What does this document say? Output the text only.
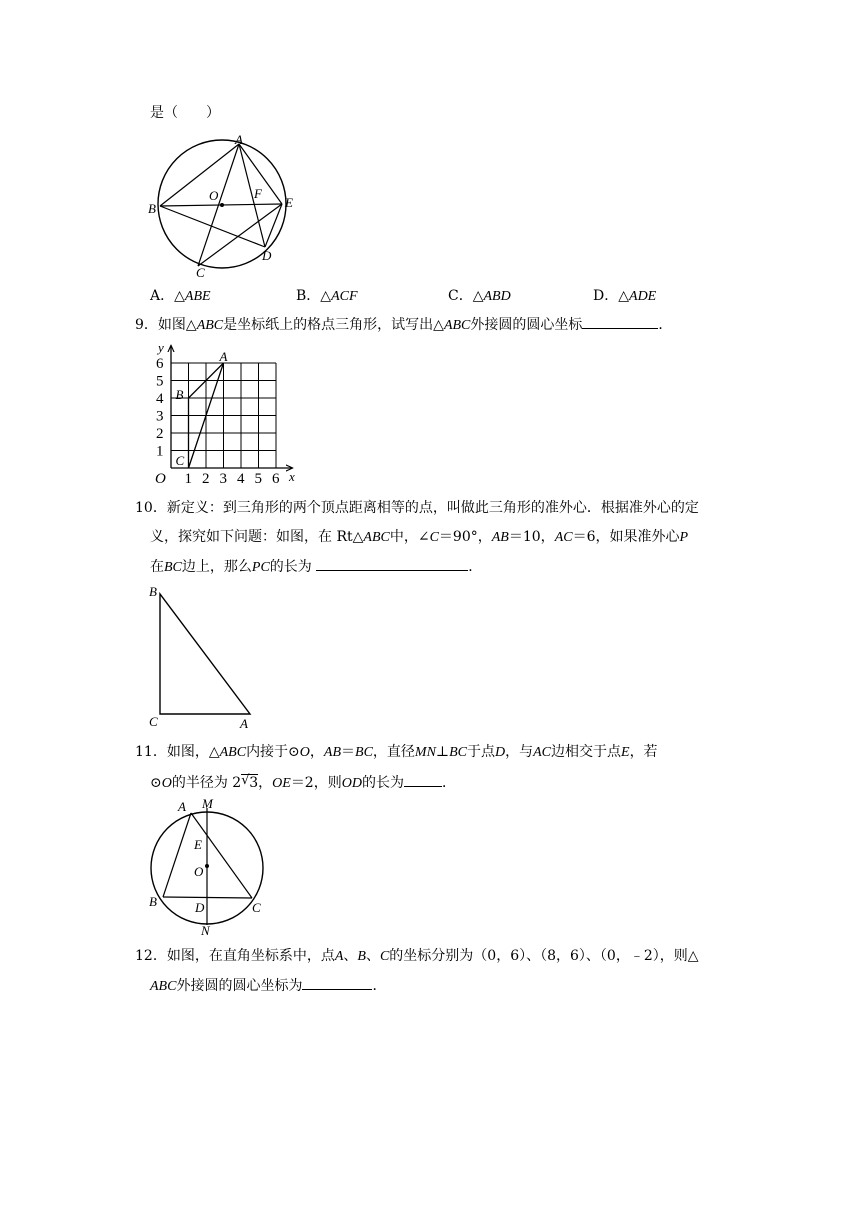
是（　　）
A
B
C
D
E
F
O
A．△ABE	B．△ACF	C．△ABD	D．△ADE
9．如图△ABC是坐标纸上的格点三角形，试写出△ABC外接圆的圆心坐标	．
1 2 3 4 5 6
1
2
3
4
5
6
x
y
O
A
B
C
10．新定义：到三角形的两个顶点距离相等的点，叫做此三角形的准外心．根据准外心的定
义，探究如下问题：如图，在 Rt△ABC中，∠C＝90°，AB＝10，AC＝6，如果准外心P
在BC边上，那么PC的长为	．
B
C	A
11．如图，△ABC内接于⊙O，AB＝BC，直径MN⊥BC于点D，与AC边相交于点E，若
⊙O的半径为 2 √ 3，OE＝2，则OD的长为	．
A M
E
O
B	D	C
N
12．如图，在直角坐标系中，点A、B、C的坐标分别为（0，6）、（8，6）、（0，﹣2），则△
ABC外接圆的圆心坐标为	．
